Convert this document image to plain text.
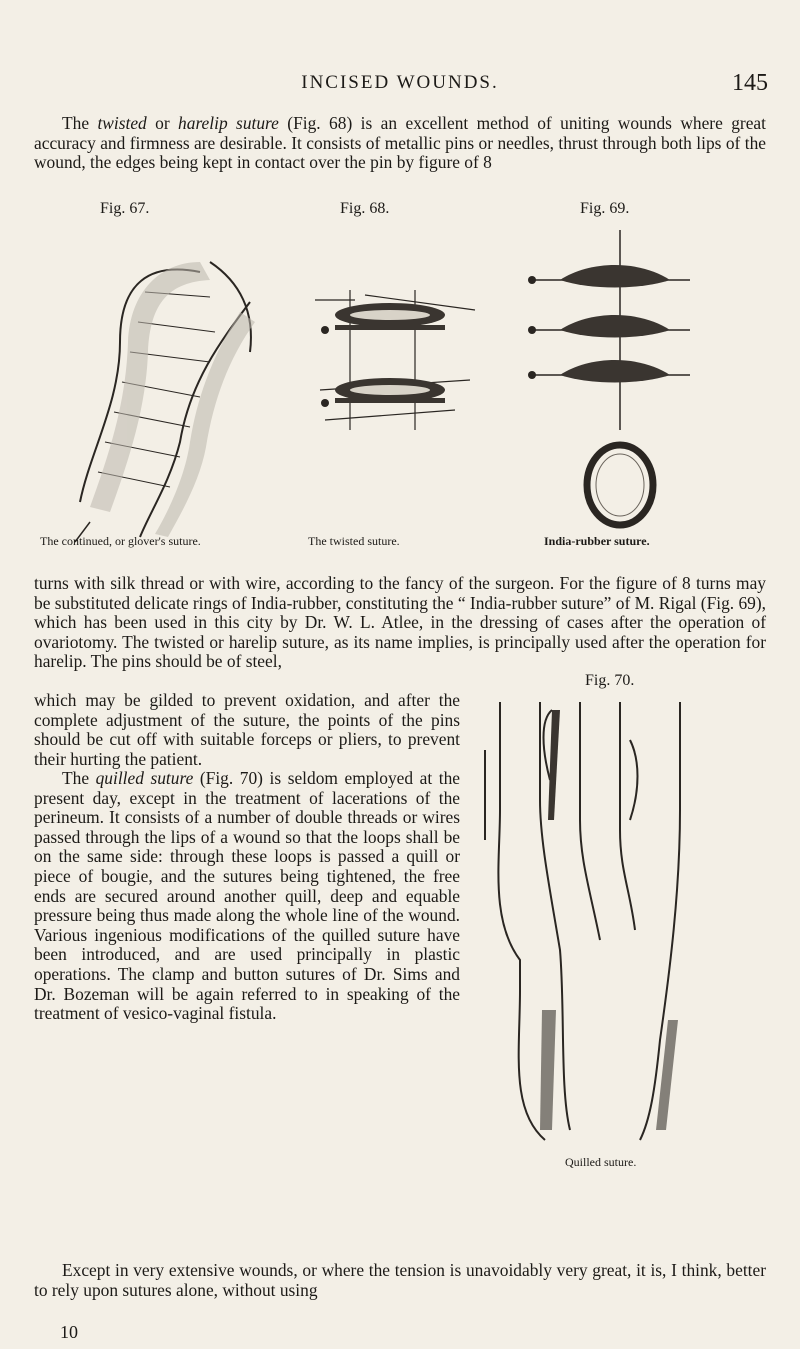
INCISED WOUNDS.	145

The twisted or harelip suture (Fig. 68) is an excellent method of uniting wounds where great accuracy and firmness are desirable. It consists of metallic pins or needles, thrust through both lips of the wound, the edges being kept in contact over the pin by figure of 8

Fig. 67.	Fig. 68.	Fig. 69.
The continued, or glover's suture.	The twisted suture.	India-rubber suture.

turns with silk thread or with wire, according to the fancy of the surgeon. For the figure of 8 turns may be substituted delicate rings of India-rubber, constituting the “ India-rubber suture” of M. Rigal (Fig. 69), which has been used in this city by Dr. W. L. Atlee, in the dressing of cases after the operation of ovariotomy. The twisted or harelip suture, as its name implies, is principally used after the operation for harelip. The pins should be of steel,

which may be gilded to prevent oxidation, and after the complete adjustment of the suture, the points of the pins should be cut off with suitable forceps or pliers, to prevent their hurting the patient.

The quilled suture (Fig. 70) is seldom employed at the present day, except in the treatment of lacerations of the perineum. It consists of a number of double threads or wires passed through the lips of a wound so that the loops shall be on the same side: through these loops is passed a quill or piece of bougie, and the sutures being tightened, the free ends are secured around another quill, deep and equable pressure being thus made along the whole line of the wound. Various ingenious modifications of the quilled suture have been introduced, and are used principally in plastic operations. The clamp and button sutures of Dr. Sims and Dr. Bozeman will be again referred to in speaking of the treatment of vesico-vaginal fistula.

Fig. 70.
Quilled suture.

Except in very extensive wounds, or where the tension is unavoidably very great, it is, I think, better to rely upon sutures alone, without using

10
